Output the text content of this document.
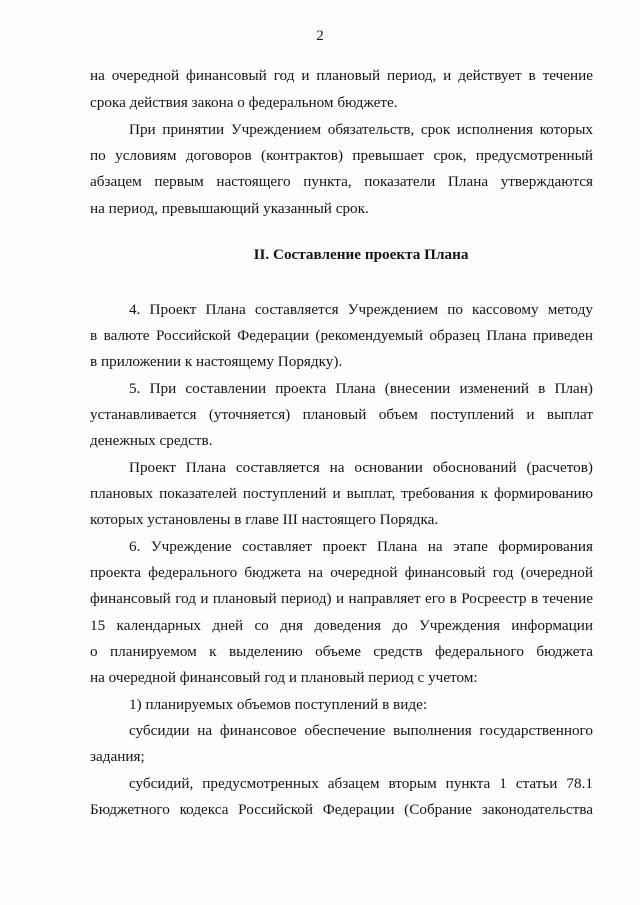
2
на очередной финансовый год и плановый период, и действует в течение
срока действия закона о федеральном бюджете.
При принятии Учреждением обязательств, срок исполнения которых
по условиям договоров (контрактов) превышает срок, предусмотренный
абзацем первым настоящего пункта, показатели Плана утверждаются
на период, превышающий указанный срок.
II. Составление проекта Плана
4. Проект Плана составляется Учреждением по кассовому методу
в валюте Российской Федерации (рекомендуемый образец Плана приведен
в приложении к настоящему Порядку).
5. При составлении проекта Плана (внесении изменений в План)
устанавливается (уточняется) плановый объем поступлений и выплат
денежных средств.
Проект Плана составляется на основании обоснований (расчетов)
плановых показателей поступлений и выплат, требования к формированию
которых установлены в главе III настоящего Порядка.
6. Учреждение составляет проект Плана на этапе формирования
проекта федерального бюджета на очередной финансовый год (очередной
финансовый год и плановый период) и направляет его в Росреестр в течение
15 календарных дней со дня доведения до Учреждения информации
о планируемом к выделению объеме средств федерального бюджета
на очередной финансовый год и плановый период с учетом:
1) планируемых объемов поступлений в виде:
субсидии на финансовое обеспечение выполнения государственного
задания;
субсидий, предусмотренных абзацем вторым пункта 1 статьи 78.1
Бюджетного кодекса Российской Федерации (Собрание законодательства
